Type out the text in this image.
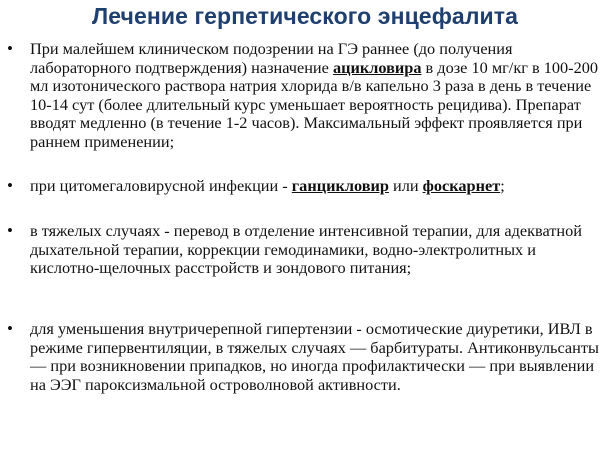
Лечение герпетического энцефалита
• При малейшем клиническом подозрении на ГЭ раннее (до получения лабораторного подтверждения) назначение ацикловира в дозе 10 мг/кг в 100-200 мл изотонического раствора натрия хлорида в/в капельно 3 раза в день в течение 10-14 сут (более длительный курс уменьшает вероятность рецидива). Препарат вводят медленно (в течение 1-2 часов). Максимальный эффект проявляется при раннем применении;

• при цитомегаловирусной инфекции - ганцикловир или фоскарнет;

• в тяжелых случаях - перевод в отделение интенсивной терапии, для адекватной дыхательной терапии, коррекции гемодинамики, водно-электролитных и кислотно-щелочных расстройств и зондового питания;

• для уменьшения внутричерепной гипертензии - осмотические диуретики, ИВЛ в режиме гипервентиляции, в тяжелых случаях — барбитураты. Антиконвульсанты — при возникновении припадков, но иногда профилактически — при выявлении на ЭЭГ пароксизмальной островолновой активности.
